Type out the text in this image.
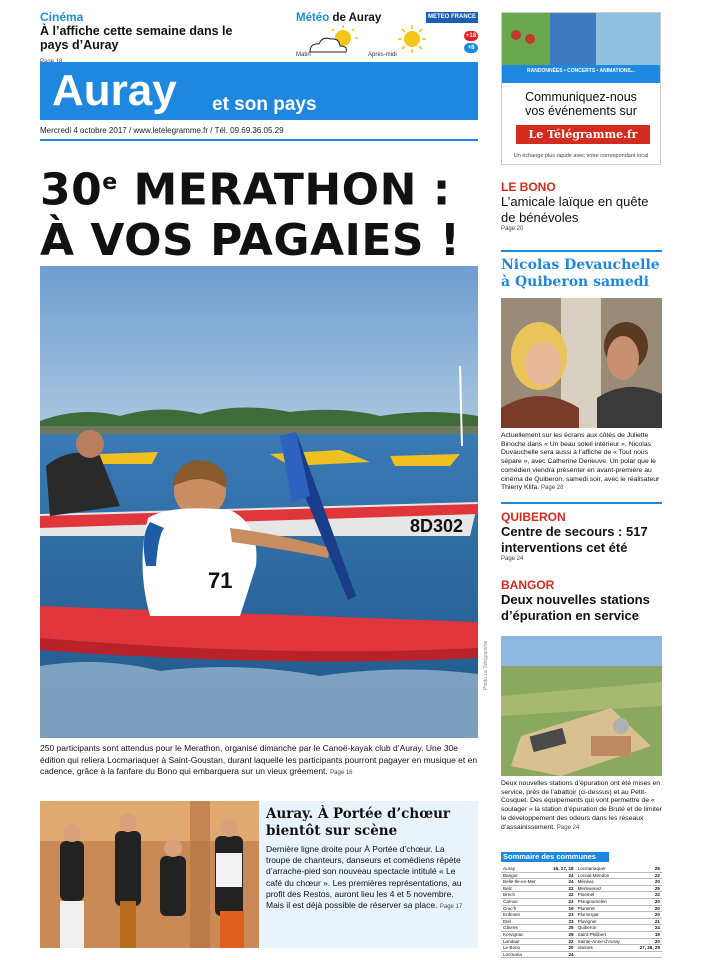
Cinéma
À l’affiche cette semaine dans le pays d’Auray

Météo de Auray	METEO FRANCE
Matin	Après-midi
+18
+8
Auray et son pays
Mercredi 4 octobre 2017 / www.letelegramme.fr / Tél. 09.69.36.05.29
30e MERATHON :
À VOS PAGAIES !
8D302
71
Photo Le Télégramme
250 participants sont attendus pour le Merathon, organisé dimanche par le Canoë-kayak club d’Auray. Une 30e édition qui reliera Locmariaquer à Saint-Goustan, durant laquelle les participants pourront pagayer en musique et en cadence, grâce à la fanfare du Bono qui embarquera sur un vieux gréement. Page 16
Auray. À Portée d’chœur bientôt sur scène
Dernière ligne droite pour À Portée d’chœur. La troupe de chanteurs, danseurs et comédiens répète d’arrache-pied son nouveau spectacle intitulé « Le café du chœur ». Les premières représentations, au profit des Restos, auront lieu les 4 et 5 novembre. Mais il est déjà possible de réserver sa place. Page 17
RANDONNÉES • CONCERTS • ANIMATIONS...
Communiquez-nous
vos événements sur
Le Télégramme.fr
Un échange plus rapide avec votre correspondant local
LE BONO
L’amicale laïque en quête de bénévoles
Page 20
Nicolas Devauchelle à Quiberon samedi
Actuellement sur les écrans aux côtés de Juliette Binoche dans « Un beau soleil intérieur », Nicolas Duvauchelle sera aussi à l’affiche de « Tout nous sépare », avec Catherine Deneuve. Un polar que le comédien viendra présenter en avant-première au cinéma de Quiberon, samedi soir, avec le réalisateur Thierry Klifa. Page 28
QUIBERON
Centre de secours : 517 interventions cet été
Page 24
BANGOR
Deux nouvelles stations d’épuration en service
Deux nouvelles stations d’épuration ont été mises en service, près de l’abattoir (ci-dessus) et au Petit-Cosquet. Des équipements qui vont permettre de « soulager » la station d’épuration de Bruté et de limiter le développement des odeurs dans les réseaux d’assainissement. Page 24
Sommaire des communes
Auray	16, 17, 18	Locmariaquer	25
Bangor	24	Locoal-Mendon	22
Belle-Ile-en-Mer	24	Ménéac	20
Belz	22	Merlevenez	25
Brech	22	Ploemel	22
Carnac	23	Plougoumelen	20
Crac’h	19	Pluneret	20
Erdeven	23	Plumergat	20
Etel	23	Pluvigner	21
Gâvres	25	Quiberon	24
Kervignac	25	Saint-Philibert	19
Landaul	22	Sainte-Anne-d’Auray	20
Le Bono	20	Vannes	27, 28, 29
Locmaria	24		
